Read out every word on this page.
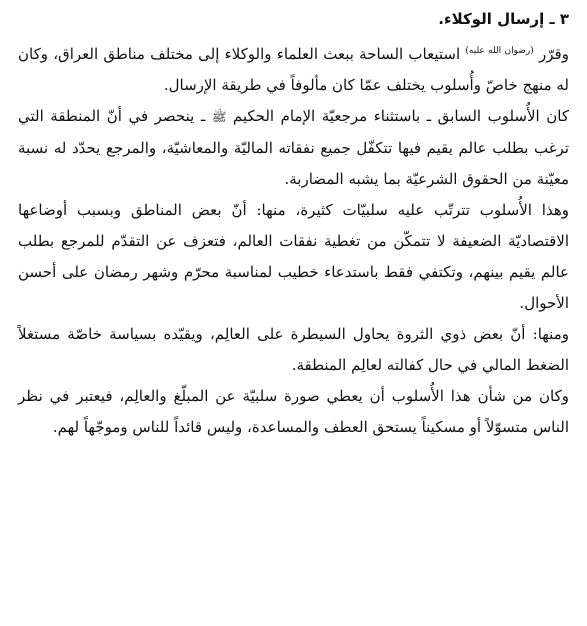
٣ ـ إرسال الوكلاء.

وقرّر $^{(رضوان الله عليه)}$ استيعاب الساحة ببعث العلماء والوكلاء إلى مختلف مناطق العراق، وكان له منهج خاصّ وأُسلوب يختلف عمّا كان مألوفاً في طريقة الإرسال.

كان الأُسلوب السابق ـ باستثناء مرجعيّة الإمام الحكيم ﷺ ـ ينحصر في أنّ المنطقة التي ترغب بطلب عالم يقيم فيها تتكفّل جميع نفقاته الماليّة والمعاشيّة، والمرجع يحدّد له نسبة معيّنة من الحقوق الشرعيّة بما يشبه المضاربة.

وهذا الأُسلوب تترتّب عليه سلبيّات كثيرة، منها: أنّ بعض المناطق وبسبب أوضاعها الاقتصاديّة الضعيفة لا تتمكّن من تغطية نفقات العالم، فتعزف عن التقدّم للمرجع بطلب عالم يقيم بينهم، وتكتفي فقط باستدعاء خطيب لمناسبة محرّم وشهر رمضان على أحسن الأحوال.

ومنها: أنّ بعض ذوي الثروة يحاول السيطرة على العالِم، ويقيّده بسياسة خاصّة مستغلاً الضغط المالي في حال كفالته لعالِم المنطقة.

وكان من شأن هذا الأُسلوب أن يعطي صورة سلبيّة عن المبلّغ والعالِم، فيعتبر في نظر الناس متسوّلاً أو مسكيناً يستحق العطف والمساعدة، وليس قائداً للناس وموجّهاً لهم.
